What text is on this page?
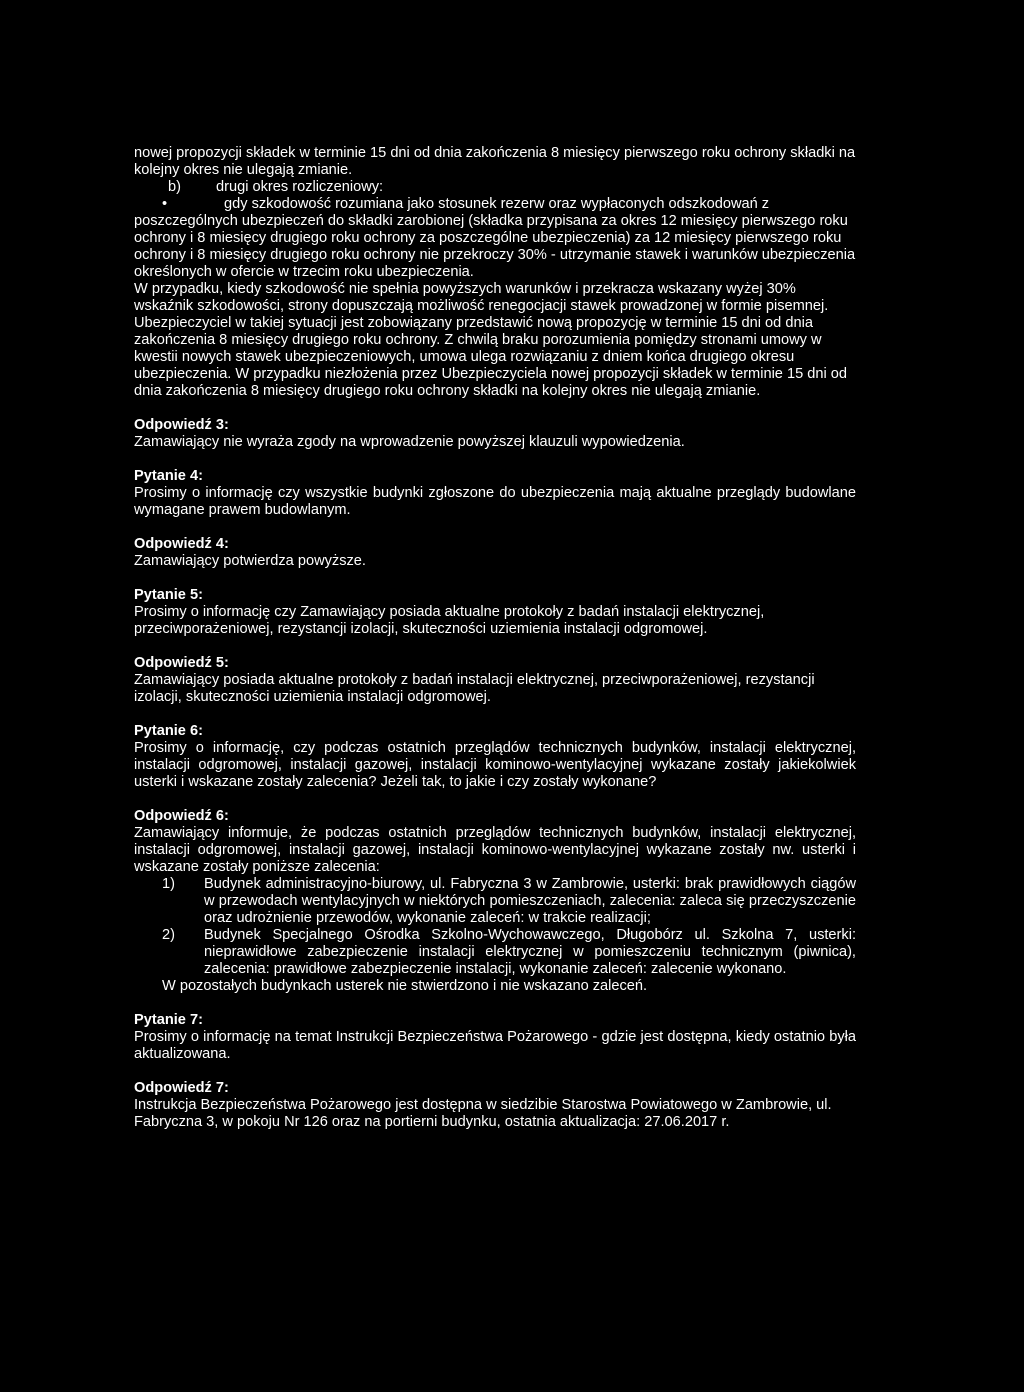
nowej propozycji składek w terminie 15 dni od dnia zakończenia 8 miesięcy pierwszego roku ochrony składki na kolejny okres nie ulegają zmianie.

b) drugi okres rozliczeniowy:

•	gdy szkodowość rozumiana jako stosunek rezerw oraz wypłaconych odszkodowań z

poszczególnych ubezpieczeń do składki zarobionej (składka przypisana za okres 12 miesięcy pierwszego roku ochrony i 8 miesięcy drugiego roku ochrony za poszczególne ubezpieczenia) za 12 miesięcy pierwszego roku ochrony i 8 miesięcy drugiego roku ochrony nie przekroczy 30% - utrzymanie stawek i warunków ubezpieczenia określonych w ofercie w trzecim roku ubezpieczenia.

W przypadku, kiedy szkodowość nie spełnia powyższych warunków i przekracza wskazany wyżej 30% wskaźnik szkodowości, strony dopuszczają możliwość renegocjacji stawek prowadzonej w formie pisemnej. Ubezpieczyciel w takiej sytuacji jest zobowiązany przedstawić nową propozycję w terminie 15 dni od dnia zakończenia 8 miesięcy drugiego roku ochrony. Z chwilą braku porozumienia pomiędzy stronami umowy w kwestii nowych stawek ubezpieczeniowych, umowa ulega rozwiązaniu z dniem końca drugiego okresu ubezpieczenia. W przypadku niezłożenia przez Ubezpieczyciela nowej propozycji składek w terminie 15 dni od dnia zakończenia 8 miesięcy drugiego roku ochrony składki na kolejny okres nie ulegają zmianie.

Odpowiedź 3:

Zamawiający nie wyraża zgody na wprowadzenie powyższej klauzuli wypowiedzenia.

Pytanie 4:

Prosimy o informację czy wszystkie budynki zgłoszone do ubezpieczenia mają aktualne przeglądy budowlane wymagane prawem budowlanym.

Odpowiedź 4:

Zamawiający potwierdza powyższe.

Pytanie 5:

Prosimy o informację czy Zamawiający posiada aktualne protokoły z badań instalacji elektrycznej, przeciwporażeniowej, rezystancji izolacji, skuteczności uziemienia instalacji odgromowej.

Odpowiedź 5:

Zamawiający posiada aktualne protokoły z badań instalacji elektrycznej, przeciwporażeniowej, rezystancji izolacji, skuteczności uziemienia instalacji odgromowej.

Pytanie 6:

Prosimy o informację, czy podczas ostatnich przeglądów technicznych budynków, instalacji elektrycznej, instalacji odgromowej, instalacji gazowej, instalacji kominowo-wentylacyjnej wykazane zostały jakiekolwiek usterki i wskazane zostały zalecenia? Jeżeli tak, to jakie i czy zostały wykonane?

Odpowiedź 6:

Zamawiający informuje, że podczas ostatnich przeglądów technicznych budynków, instalacji elektrycznej, instalacji odgromowej, instalacji gazowej, instalacji kominowo-wentylacyjnej wykazane zostały nw. usterki i wskazane zostały poniższe zalecenia:

1) Budynek administracyjno-biurowy, ul. Fabryczna 3 w Zambrowie, usterki: brak prawidłowych ciągów w przewodach wentylacyjnych w niektórych pomieszczeniach, zalecenia: zaleca się przeczyszczenie oraz udrożnienie przewodów, wykonanie zaleceń: w trakcie realizacji;
2) Budynek Specjalnego Ośrodka Szkolno-Wychowawczego, Długobórz ul. Szkolna 7, usterki: nieprawidłowe zabezpieczenie instalacji elektrycznej w pomieszczeniu technicznym (piwnica), zalecenia: prawidłowe zabezpieczenie instalacji, wykonanie zaleceń: zalecenie wykonano.

W pozostałych budynkach usterek nie stwierdzono i nie wskazano zaleceń.

Pytanie 7:

Prosimy o informację na temat Instrukcji Bezpieczeństwa Pożarowego - gdzie jest dostępna, kiedy ostatnio była aktualizowana.

Odpowiedź 7:

Instrukcja Bezpieczeństwa Pożarowego jest dostępna w siedzibie Starostwa Powiatowego w Zambrowie, ul. Fabryczna 3, w pokoju Nr 126 oraz na portierni budynku, ostatnia aktualizacja: 27.06.2017 r.
